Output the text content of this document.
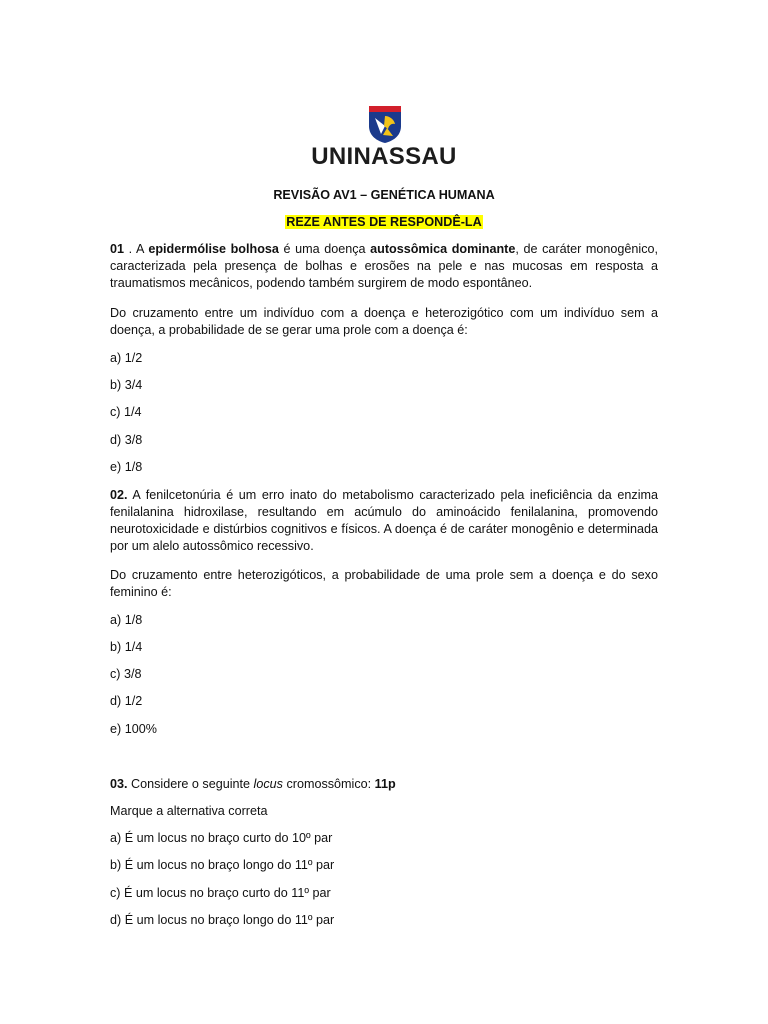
UNINASSAU
REVISÃO AV1 – GENÉTICA HUMANA
REZE ANTES DE RESPONDÊ-LA

01 . A epidermólise bolhosa é uma doença autossômica dominante, de caráter monogênico, caracterizada pela presença de bolhas e erosões na pele e nas mucosas em resposta a traumatismos mecânicos, podendo também surgirem de modo espontâneo.

Do cruzamento entre um indivíduo com a doença e heterozigótico com um indivíduo sem a doença, a probabilidade de se gerar uma prole com a doença é:

a) 1/2

b) 3/4

c) 1/4

d) 3/8

e) 1/8

02. A fenilcetonúria é um erro inato do metabolismo caracterizado pela ineficiência da enzima fenilalanina hidroxilase, resultando em acúmulo do aminoácido fenilalanina, promovendo neurotoxicidade e distúrbios cognitivos e físicos. A doença é de caráter monogênio e determinada por um alelo autossômico recessivo.

Do cruzamento entre heterozigóticos, a probabilidade de uma prole sem a doença e do sexo feminino é:

a) 1/8

b) 1/4

c) 3/8

d) 1/2

e) 100%

03. Considere o seguinte locus cromossômico: 11p

Marque a alternativa correta

a) É um locus no braço curto do 10º par

b) É um locus no braço longo do 11º par

c) É um locus no braço curto do 11º par

d) É um locus no braço longo do 11º par
